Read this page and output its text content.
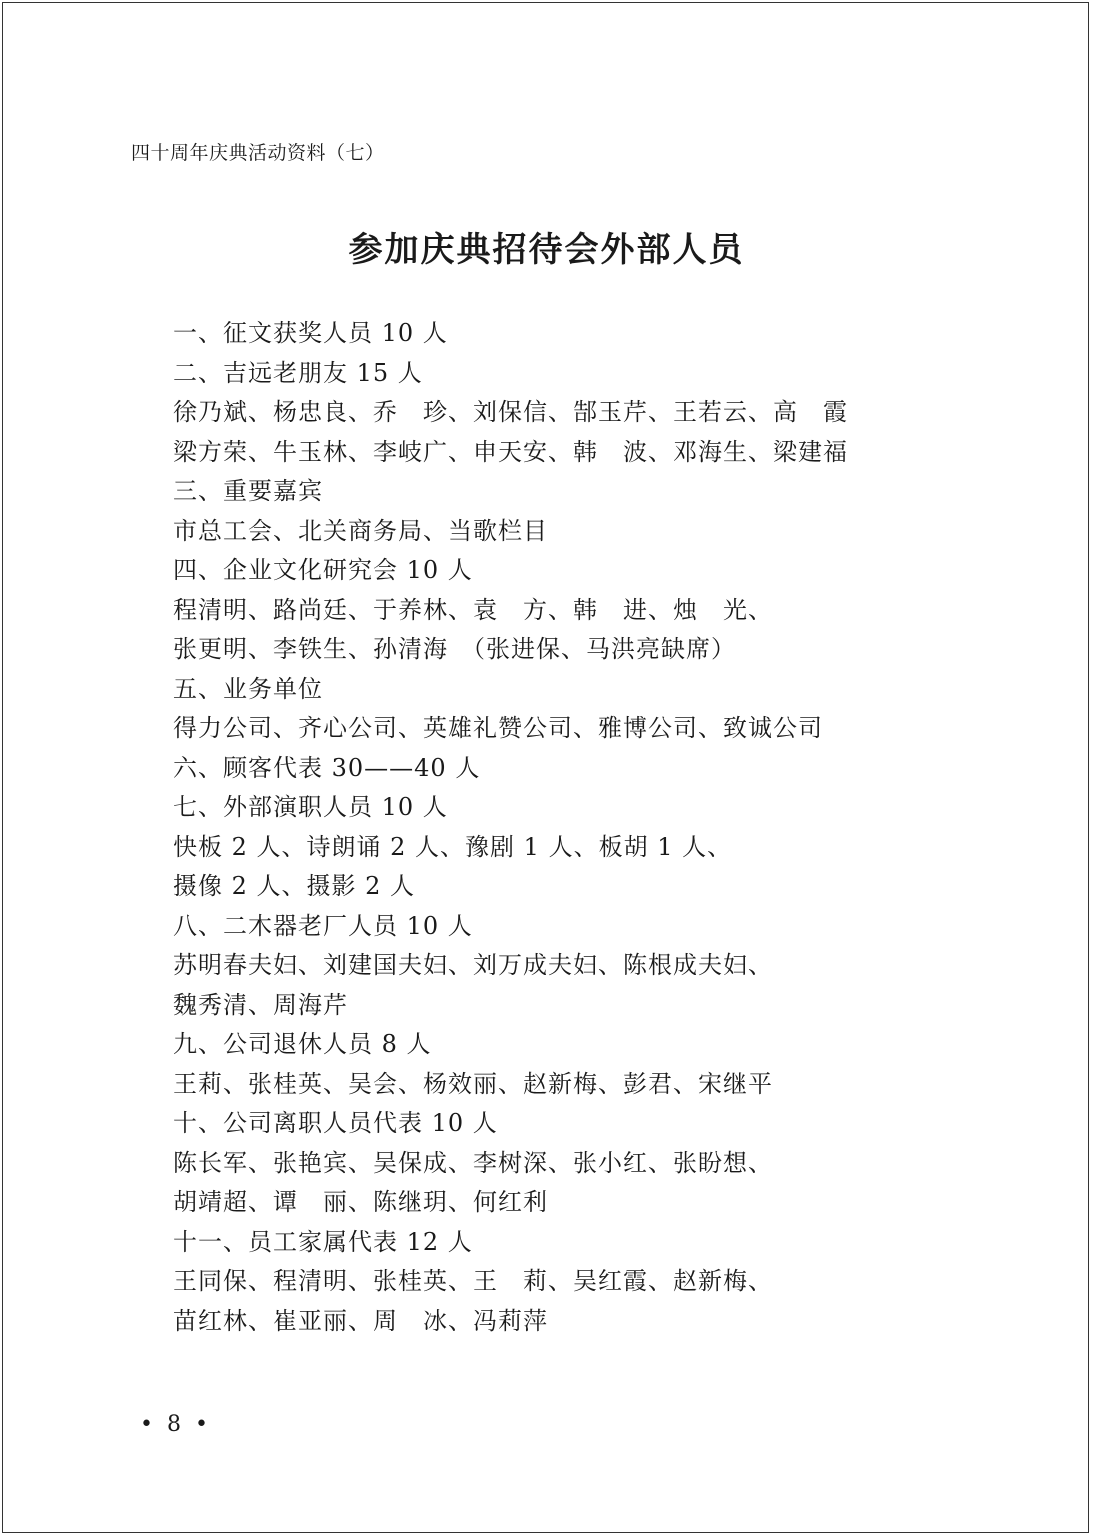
四十周年庆典活动资料（七）
参加庆典招待会外部人员
一、征文获奖人员 10 人
二、吉远老朋友 15 人
徐乃斌、杨忠良、乔　珍、刘保信、郜玉芹、王若云、高　霞
梁方荣、牛玉林、李岐广、申天安、韩　波、邓海生、梁建福
三、重要嘉宾
市总工会、北关商务局、当歌栏目
四、企业文化研究会 10 人
程清明、路尚廷、于养林、袁　方、韩　进、烛　光、
张更明、李铁生、孙清海　（张进保、马洪亮缺席）
五、业务单位
得力公司、齐心公司、英雄礼赞公司、雅博公司、致诚公司
六、顾客代表 30——40 人
七、外部演职人员 10 人
快板 2 人、诗朗诵 2 人、豫剧 1 人、板胡 1 人、
摄像 2 人、摄影 2 人
八、二木器老厂人员 10 人
苏明春夫妇、刘建国夫妇、刘万成夫妇、陈根成夫妇、
魏秀清、周海芹
九、公司退休人员 8 人
王莉、张桂英、吴会、杨效丽、赵新梅、彭君、宋继平
十、公司离职人员代表 10 人
陈长军、张艳宾、吴保成、李树深、张小红、张盼想、
胡靖超、谭　丽、陈继玥、何红利
十一、员工家属代表 12 人
王同保、程清明、张桂英、王　莉、吴红霞、赵新梅、
苗红林、崔亚丽、周　冰、冯莉萍
•  8  •
